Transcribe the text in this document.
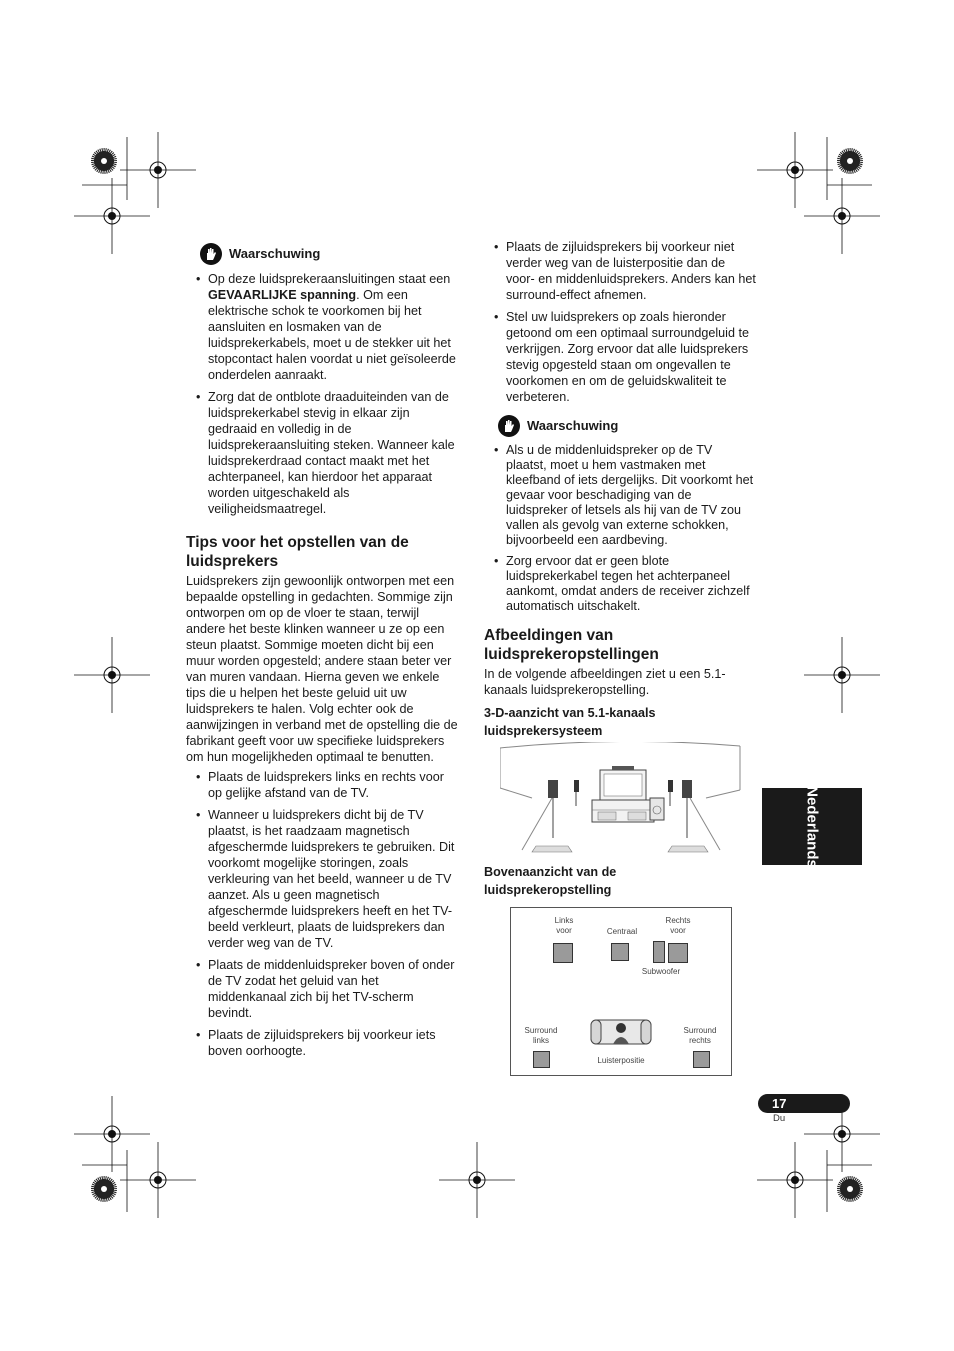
Waarschuwing
• Op deze luidsprekeraansluitingen staat een GEVAARLIJKE spanning. Om een elektrische schok te voorkomen bij het aansluiten en losmaken van de luidsprekerkabels, moet u de stekker uit het stopcontact halen voordat u niet geïsoleerde onderdelen aanraakt.
• Zorg dat de ontblote draaduiteinden van de luidsprekerkabel stevig in elkaar zijn gedraaid en volledig in de luidsprekeraansluiting steken. Wanneer kale luidsprekerdraad contact maakt met het achterpaneel, kan hierdoor het apparaat worden uitgeschakeld als veiligheidsmaatregel.
Tips voor het opstellen van de luidsprekers

Luidsprekers zijn gewoonlijk ontworpen met een bepaalde opstelling in gedachten. Sommige zijn ontworpen om op de vloer te staan, terwijl andere het beste klinken wanneer u ze op een steun plaatst. Sommige moeten dicht bij een muur worden opgesteld; andere staan beter ver van muren vandaan. Hierna geven we enkele tips die u helpen het beste geluid uit uw luidsprekers te halen. Volg echter ook de aanwijzingen in verband met de opstelling die de fabrikant geeft voor uw specifieke luidsprekers om hun mogelijkheden optimaal te benutten.

• Plaats de luidsprekers links en rechts voor op gelijke afstand van de TV.
• Wanneer u luidsprekers dicht bij de TV plaatst, is het raadzaam magnetisch afgeschermde luidsprekers te gebruiken. Dit voorkomt mogelijke storingen, zoals verkleuring van het beeld, wanneer u de TV aanzet. Als u geen magnetisch afgeschermde luidsprekers heeft en het TV-beeld verkleurt, plaats de luidsprekers dan verder weg van de TV.
• Plaats de middenluidspreker boven of onder de TV zodat het geluid van het middenkanaal zich bij het TV-scherm bevindt.
• Plaats de zijluidsprekers bij voorkeur iets boven oorhoogte.
• Plaats de zijluidsprekers bij voorkeur niet verder weg van de luisterpositie dan de voor- en middenluidsprekers. Anders kan het surround-effect afnemen.
• Stel uw luidsprekers op zoals hieronder getoond om een optimaal surroundgeluid te verkrijgen. Zorg ervoor dat alle luidsprekers stevig opgesteld staan om ongevallen te voorkomen en om de geluidskwaliteit te verbeteren.
Waarschuwing
• Als u de middenluidspreker op de TV plaatst, moet u hem vastmaken met kleefband of iets dergelijks. Dit voorkomt het gevaar voor beschadiging van de luidspreker of letsels als hij van de TV zou vallen als gevolg van externe schokken, bijvoorbeeld een aardbeving.
• Zorg ervoor dat er geen blote luidsprekerkabel tegen het achterpaneel aankomt, omdat anders de receiver zichzelf automatisch uitschakelt.
Afbeeldingen van luidsprekeropstellingen

In de volgende afbeeldingen ziet u een 5.1-kanaals luidsprekeropstelling.

3-D-aanzicht van 5.1-kanaals luidsprekersysteem
Bovenaanzicht van de luidsprekeropstelling
Links voor	Centraal
Rechts voor
Subwoofer
Surround links
Surround rechts
Luisterpositie
Nederlands
17
Du
